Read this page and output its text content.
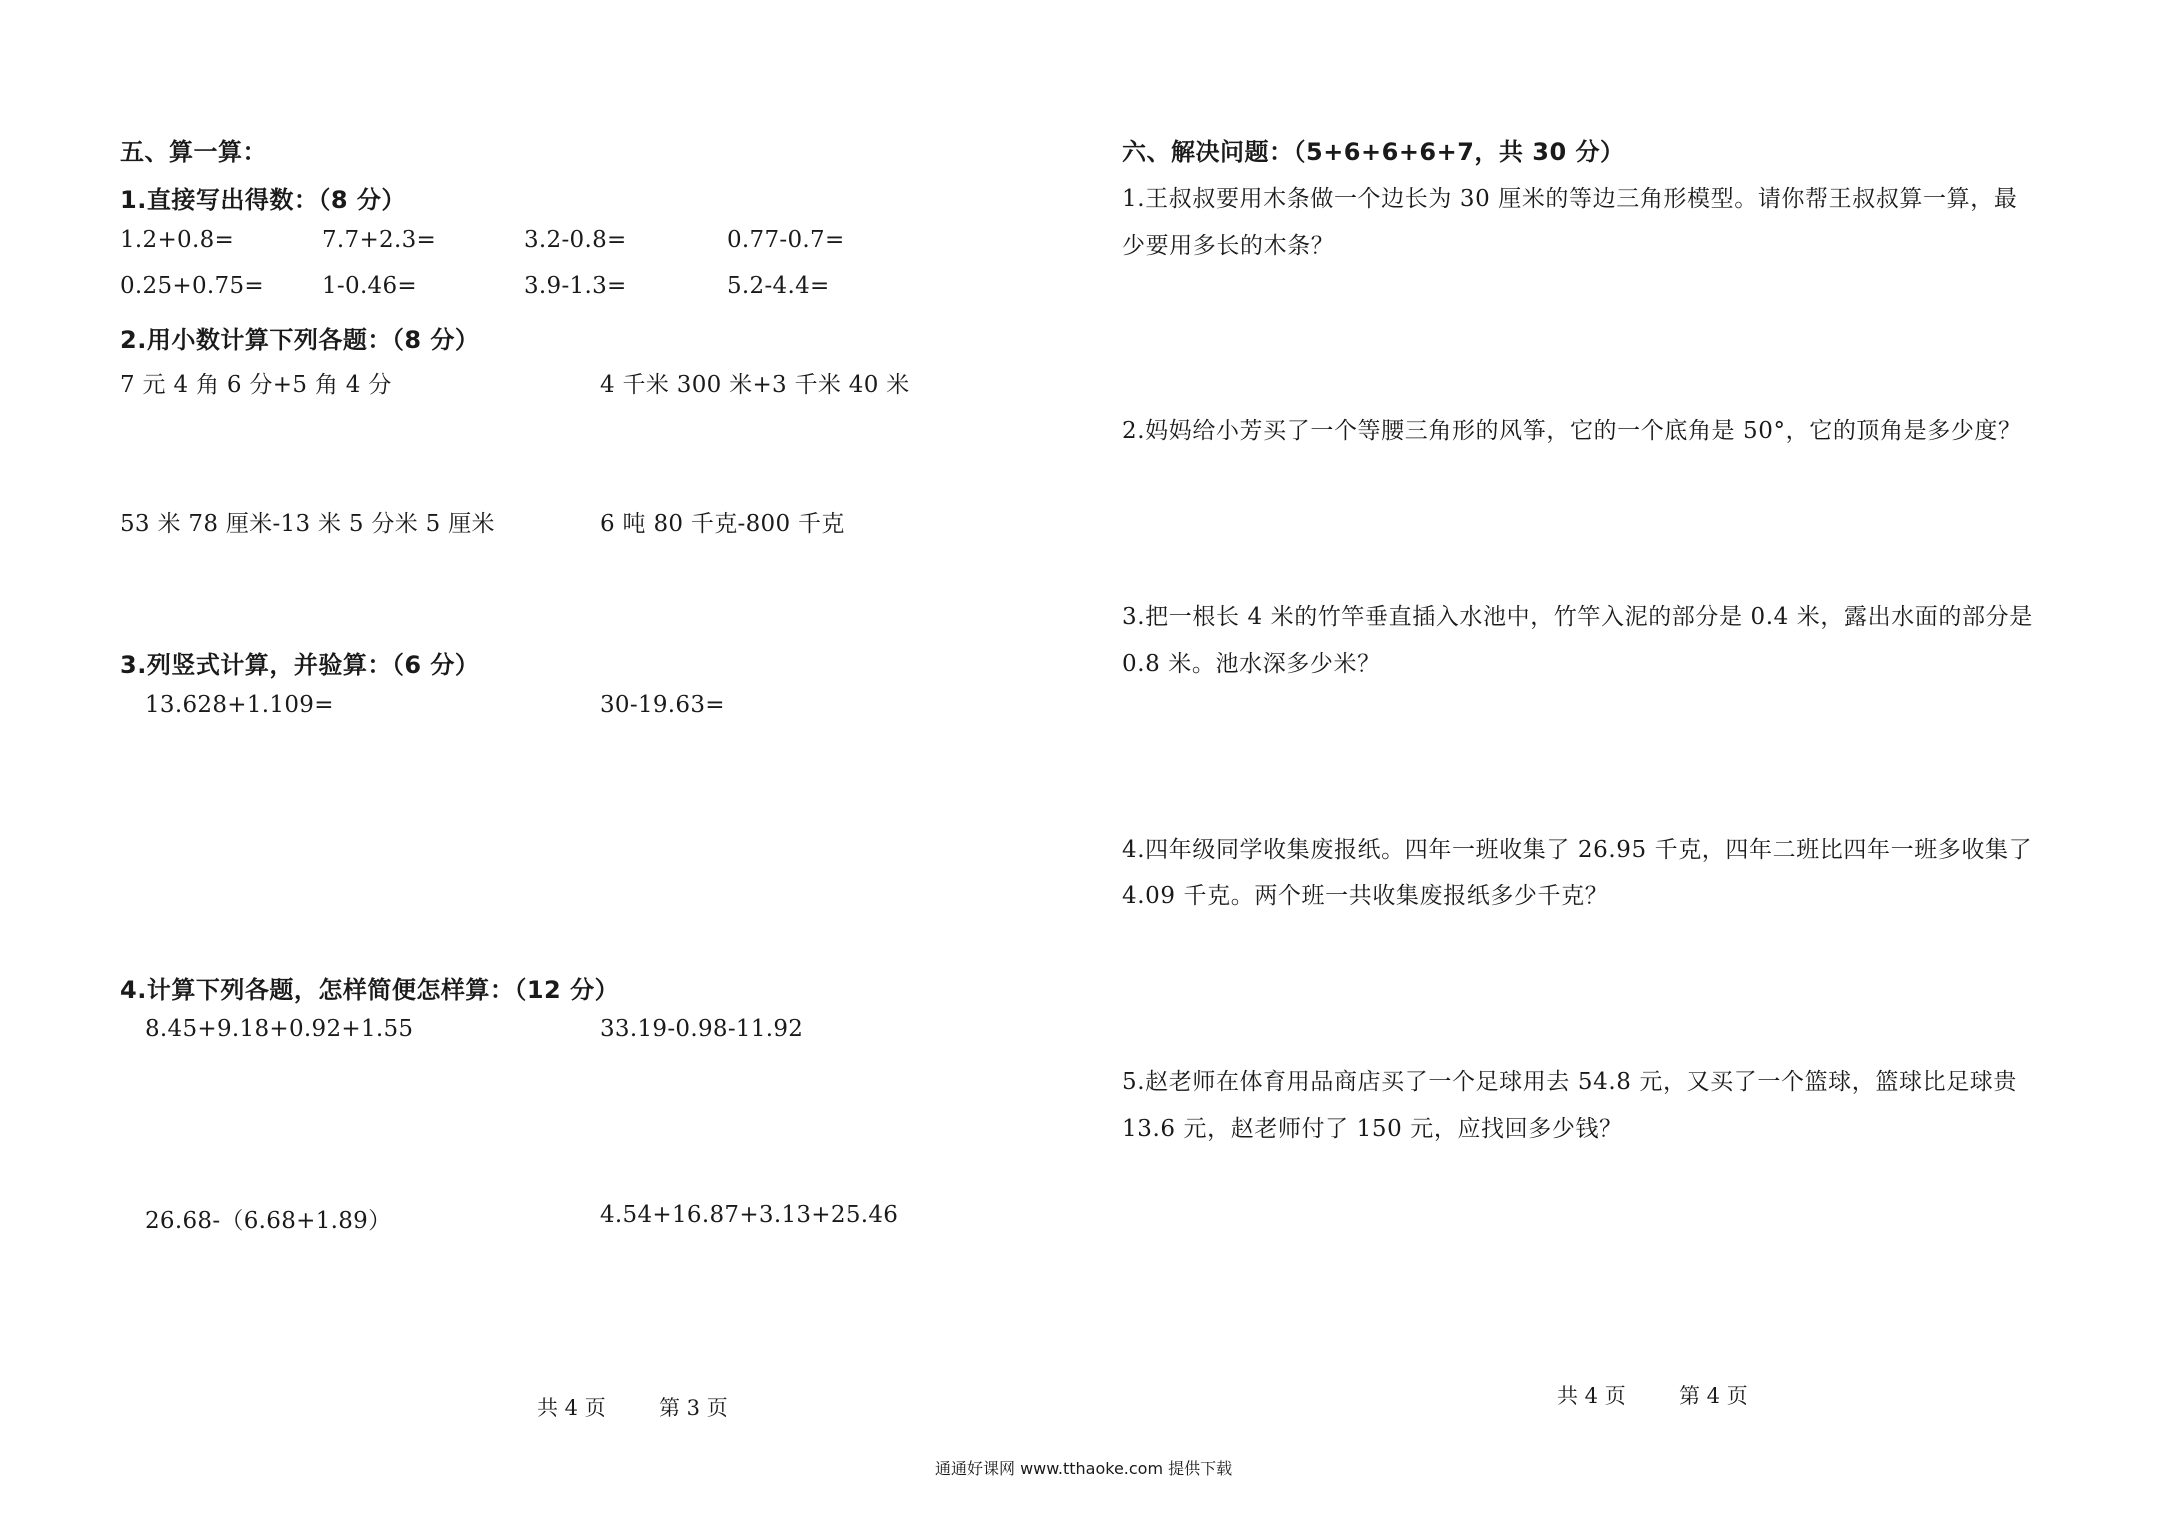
五、算一算：
1.直接写出得数：（8 分）
1.2+0.8=	7.7+2.3=	3.2-0.8=	0.77-0.7=
0.25+0.75=	1-0.46=	3.9-1.3=	5.2-4.4=
2.用小数计算下列各题：（8 分）
7 元 4 角 6 分+5 角 4 分	4 千米 300 米+3 千米 40 米
53 米 78 厘米-13 米 5 分米 5 厘米	6 吨 80 千克-800 千克
3.列竖式计算，并验算：（6 分）
13.628+1.109=	30-19.63=
4.计算下列各题，怎样简便怎样算：（12 分）
8.45+9.18+0.92+1.55	33.19-0.98-11.92
26.68-（6.68+1.89）	4.54+16.87+3.13+25.46
共 4 页	第 3 页
六、解决问题：（5+6+6+6+7，共 30 分）
1.王叔叔要用木条做一个边长为 30 厘米的等边三角形模型。请你帮王叔叔算一算，最
少要用多长的木条？
2.妈妈给小芳买了一个等腰三角形的风筝，它的一个底角是 50°，它的顶角是多少度？
3.把一根长 4 米的竹竿垂直插入水池中，竹竿入泥的部分是 0.4 米，露出水面的部分是
0.8 米。池水深多少米？
4.四年级同学收集废报纸。四年一班收集了 26.95 千克，四年二班比四年一班多收集了
4.09 千克。两个班一共收集废报纸多少千克？
5.赵老师在体育用品商店买了一个足球用去 54.8 元，又买了一个篮球，篮球比足球贵
13.6 元，赵老师付了 150 元，应找回多少钱？
共 4 页	第 4 页
通通好课网 www.tthaoke.com 提供下载
